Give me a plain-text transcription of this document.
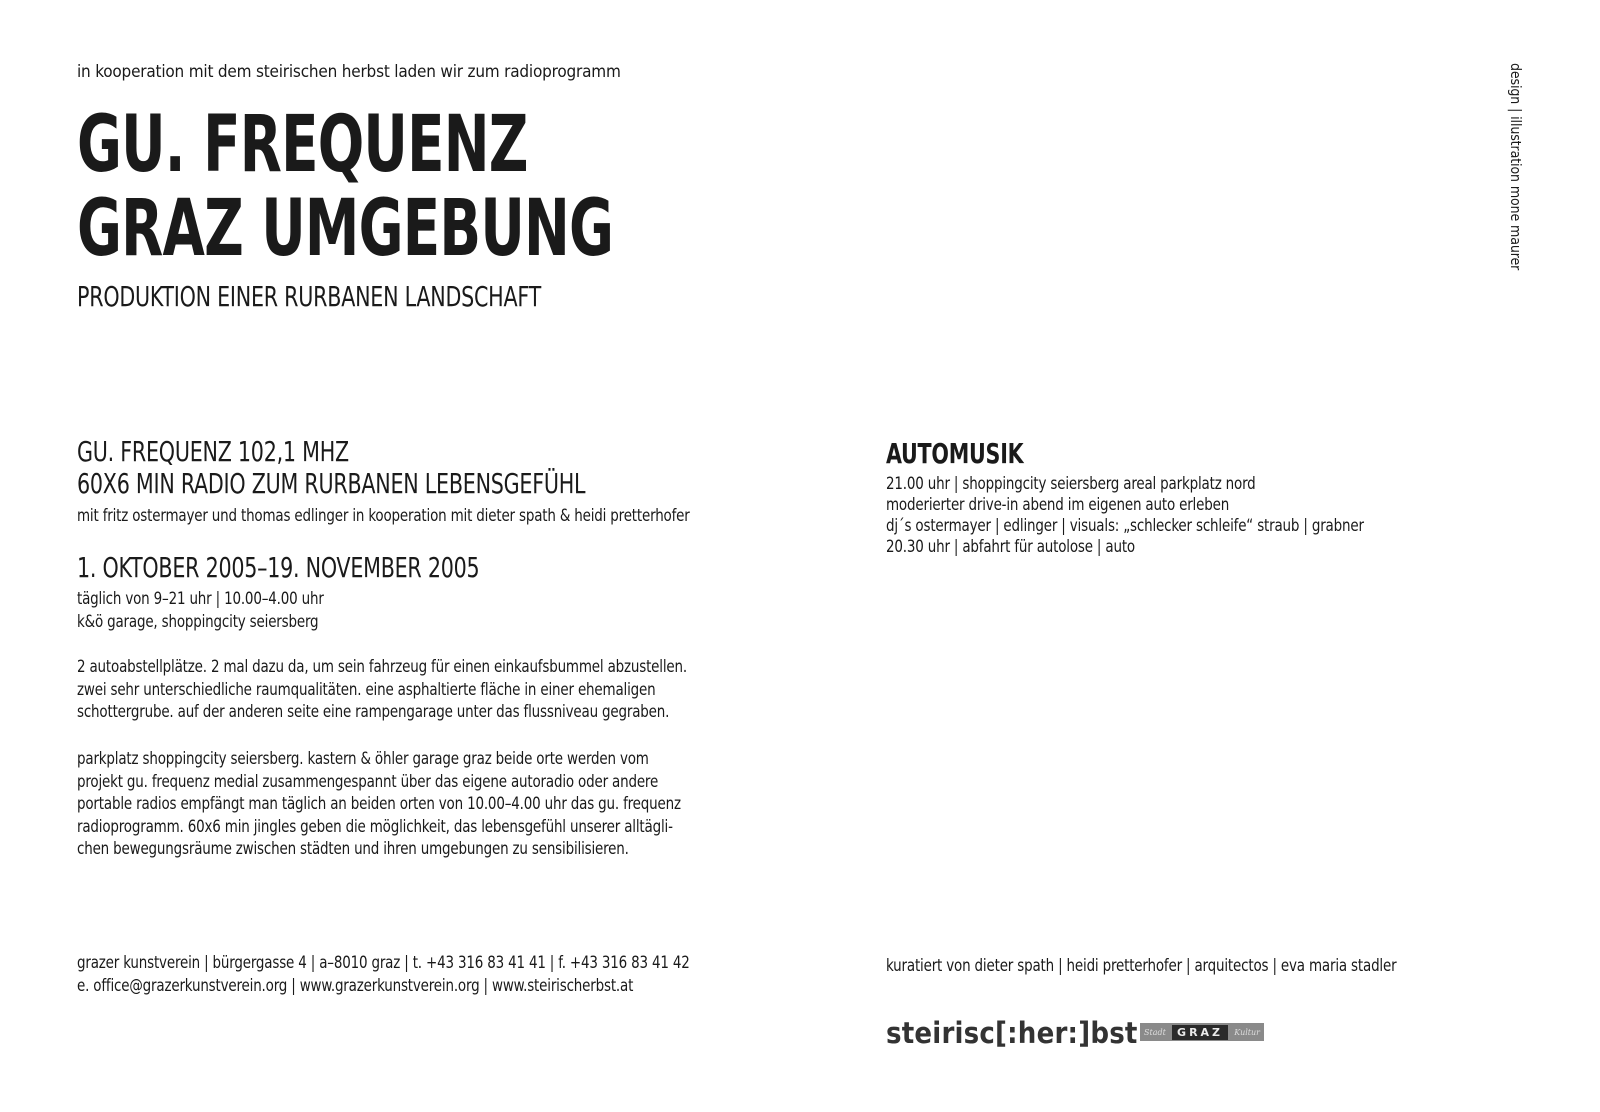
in kooperation mit dem steirischen herbst laden wir zum radioprogramm
GU. FREQUENZ
GRAZ UMGEBUNG
PRODUKTION EINER RURBANEN LANDSCHAFT
design | illustration mone maurer
GU. FREQUENZ 102,1 MHZ
60X6 MIN RADIO ZUM RURBANEN LEBENSGEFÜHL
mit fritz ostermayer und thomas edlinger in kooperation mit dieter spath & heidi pretterhofer
1. OKTOBER 2005–19. NOVEMBER 2005
täglich von 9–21 uhr | 10.00–4.00 uhr
k&ö garage, shoppingcity seiersberg
2 autoabstellplätze. 2 mal dazu da, um sein fahrzeug für einen einkaufsbummel abzustellen.
zwei sehr unterschiedliche raumqualitäten. eine asphaltierte fläche in einer ehemaligen
schottergrube. auf der anderen seite eine rampengarage unter das flussniveau gegraben.
parkplatz shoppingcity seiersberg. kastern & öhler garage graz beide orte werden vom
projekt gu. frequenz medial zusammengespannt über das eigene autoradio oder andere
portable radios empfängt man täglich an beiden orten von 10.00–4.00 uhr das gu. frequenz
radioprogramm. 60x6 min jingles geben die möglichkeit, das lebensgefühl unserer alltägli-
chen bewegungsräume zwischen städten und ihren umgebungen zu sensibilisieren.
AUTOMUSIK
21.00 uhr | shoppingcity seiersberg areal parkplatz nord
moderierter drive-in abend im eigenen auto erleben
dj´s ostermayer | edlinger | visuals: „schlecker schleife“ straub | grabner
20.30 uhr | abfahrt für autolose | auto
grazer kunstverein | bürgergasse 4 | a–8010 graz | t. +43 316 83 41 41 | f. +43 316 83 41 42
e. office@grazerkunstverein.org | www.grazerkunstverein.org | www.steirischerbst.at
kuratiert von dieter spath | heidi pretterhofer | arquitectos | eva maria stadler
steirisc[:her:]bst Stadt	GRAZ	Kultur
